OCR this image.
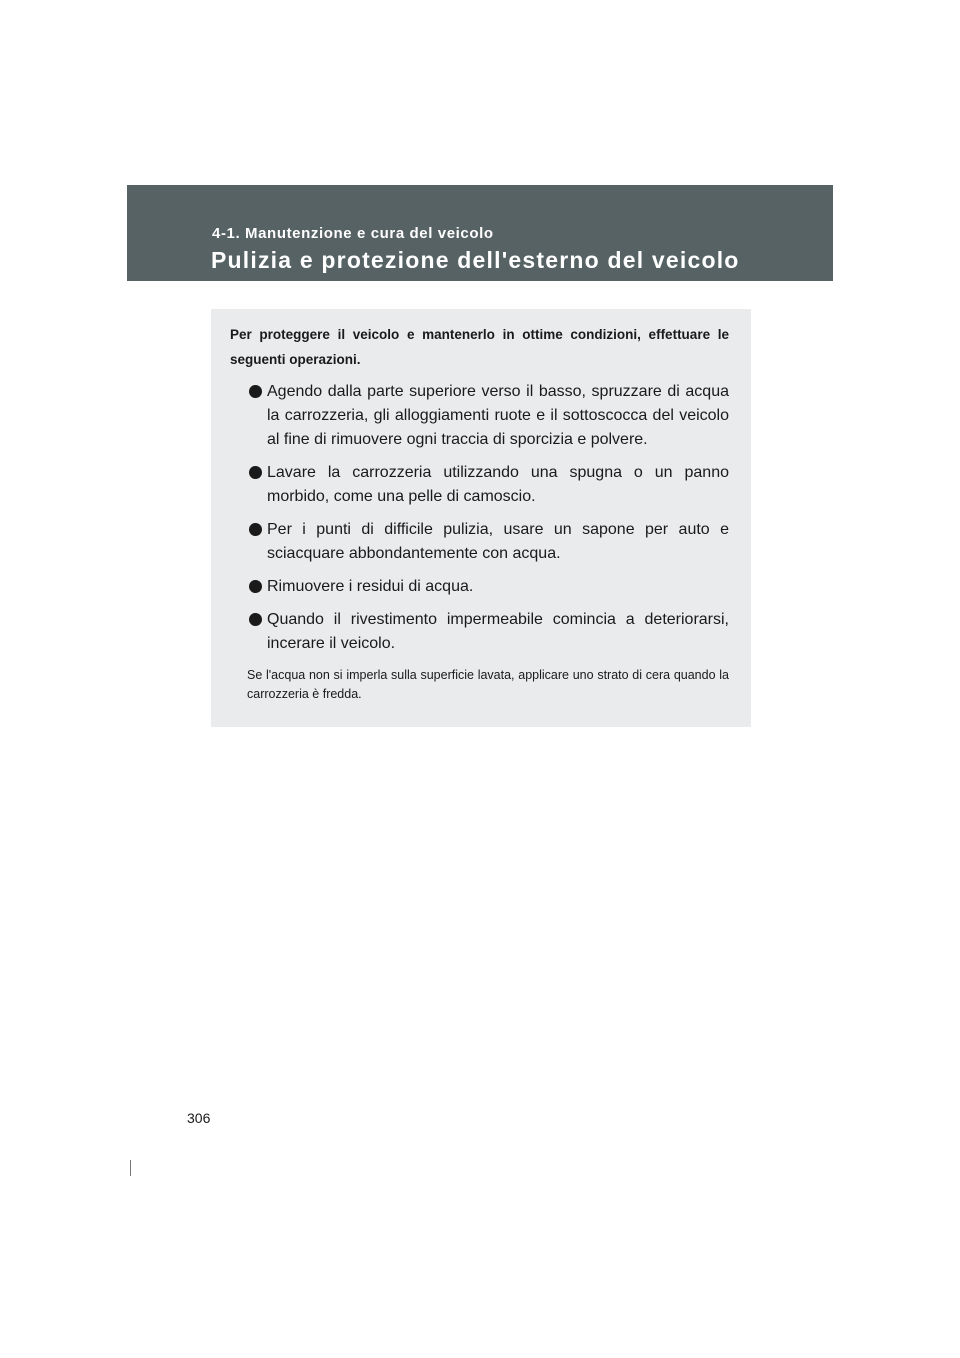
4-1. Manutenzione e cura del veicolo
Pulizia e protezione dell'esterno del veicolo

Per proteggere il veicolo e mantenerlo in ottime condizioni, effettuare le seguenti operazioni.

Agendo dalla parte superiore verso il basso, spruzzare di acqua la carrozzeria, gli alloggiamenti ruote e il sottoscocca del veicolo al fine di rimuovere ogni traccia di sporcizia e polvere.
Lavare la carrozzeria utilizzando una spugna o un panno morbido, come una pelle di camoscio.
Per i punti di difficile pulizia, usare un sapone per auto e sciacquare abbondantemente con acqua.
Rimuovere i residui di acqua.
Quando il rivestimento impermeabile comincia a deteriorarsi, incerare il veicolo.

Se l'acqua non si imperla sulla superficie lavata, applicare uno strato di cera quando la carrozzeria è fredda.

306
